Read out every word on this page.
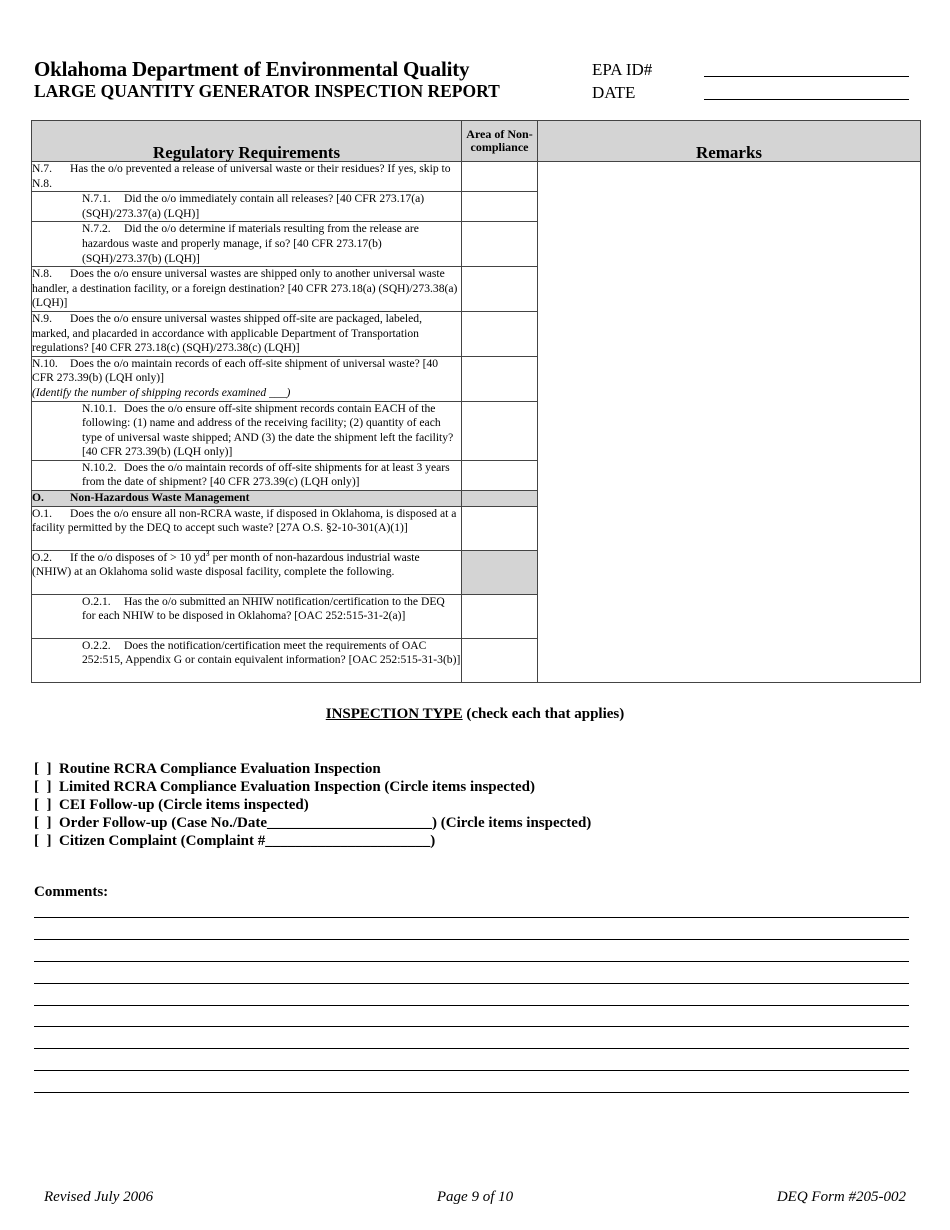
Oklahoma Department of Environmental Quality
LARGE QUANTITY GENERATOR INSPECTION REPORT
EPA ID#
DATE
Regulatory Requirements	Area of Non-compliance	Remarks
N.7. Has the o/o prevented a release of universal waste or their residues? If yes, skip to N.8.		
N.7.1. Did the o/o immediately contain all releases? [40 CFR 273.17(a) (SQH)/273.37(a) (LQH)]		
N.7.2. Did the o/o determine if materials resulting from the release are hazardous waste and properly manage, if so? [40 CFR 273.17(b) (SQH)/273.37(b) (LQH)]		
N.8. Does the o/o ensure universal wastes are shipped only to another universal waste handler, a destination facility, or a foreign destination? [40 CFR 273.18(a) (SQH)/273.38(a) (LQH)]		
N.9. Does the o/o ensure universal wastes shipped off-site are packaged, labeled, marked, and placarded in accordance with applicable Department of Transportation regulations? [40 CFR 273.18(c) (SQH)/273.38(c) (LQH)]		
N.10. Does the o/o maintain records of each off-site shipment of universal waste? [40 CFR 273.39(b) (LQH only)]
(Identify the number of shipping records examined ___)		
N.10.1. Does the o/o ensure off-site shipment records contain EACH of the following: (1) name and address of the receiving facility; (2) quantity of each type of universal waste shipped; AND (3) the date the shipment left the facility? [40 CFR 273.39(b) (LQH only)]		
N.10.2. Does the o/o maintain records of off-site shipments for at least 3 years from the date of shipment? [40 CFR 273.39(c) (LQH only)]		
O. Non-Hazardous Waste Management		
O.1. Does the o/o ensure all non-RCRA waste, if disposed in Oklahoma, is disposed at a facility permitted by the DEQ to accept such waste? [27A O.S. §2-10-301(A)(1)]		
O.2. If the o/o disposes of > 10 $yd^3$ per month of non-hazardous industrial waste (NHIW) at an Oklahoma solid waste disposal facility, complete the following.		
O.2.1. Has the o/o submitted an NHIW notification/certification to the DEQ for each NHIW to be disposed in Oklahoma? [OAC 252:515-31-2(a)]		
O.2.2. Does the notification/certification meet the requirements of OAC 252:515, Appendix G or contain equivalent information? [OAC 252:515-31-3(b)]		
INSPECTION TYPE (check each that applies)
[  ]  Routine RCRA Compliance Evaluation Inspection
[  ]  Limited RCRA Compliance Evaluation Inspection (Circle items inspected)
[  ]  CEI Follow-up (Circle items inspected)
[  ]  Order Follow-up (Case No./Date______________________) (Circle items inspected)
[  ]  Citizen Complaint (Complaint #______________________)
Comments:
Revised July 2006	Page 9 of 10	DEQ Form #205-002
